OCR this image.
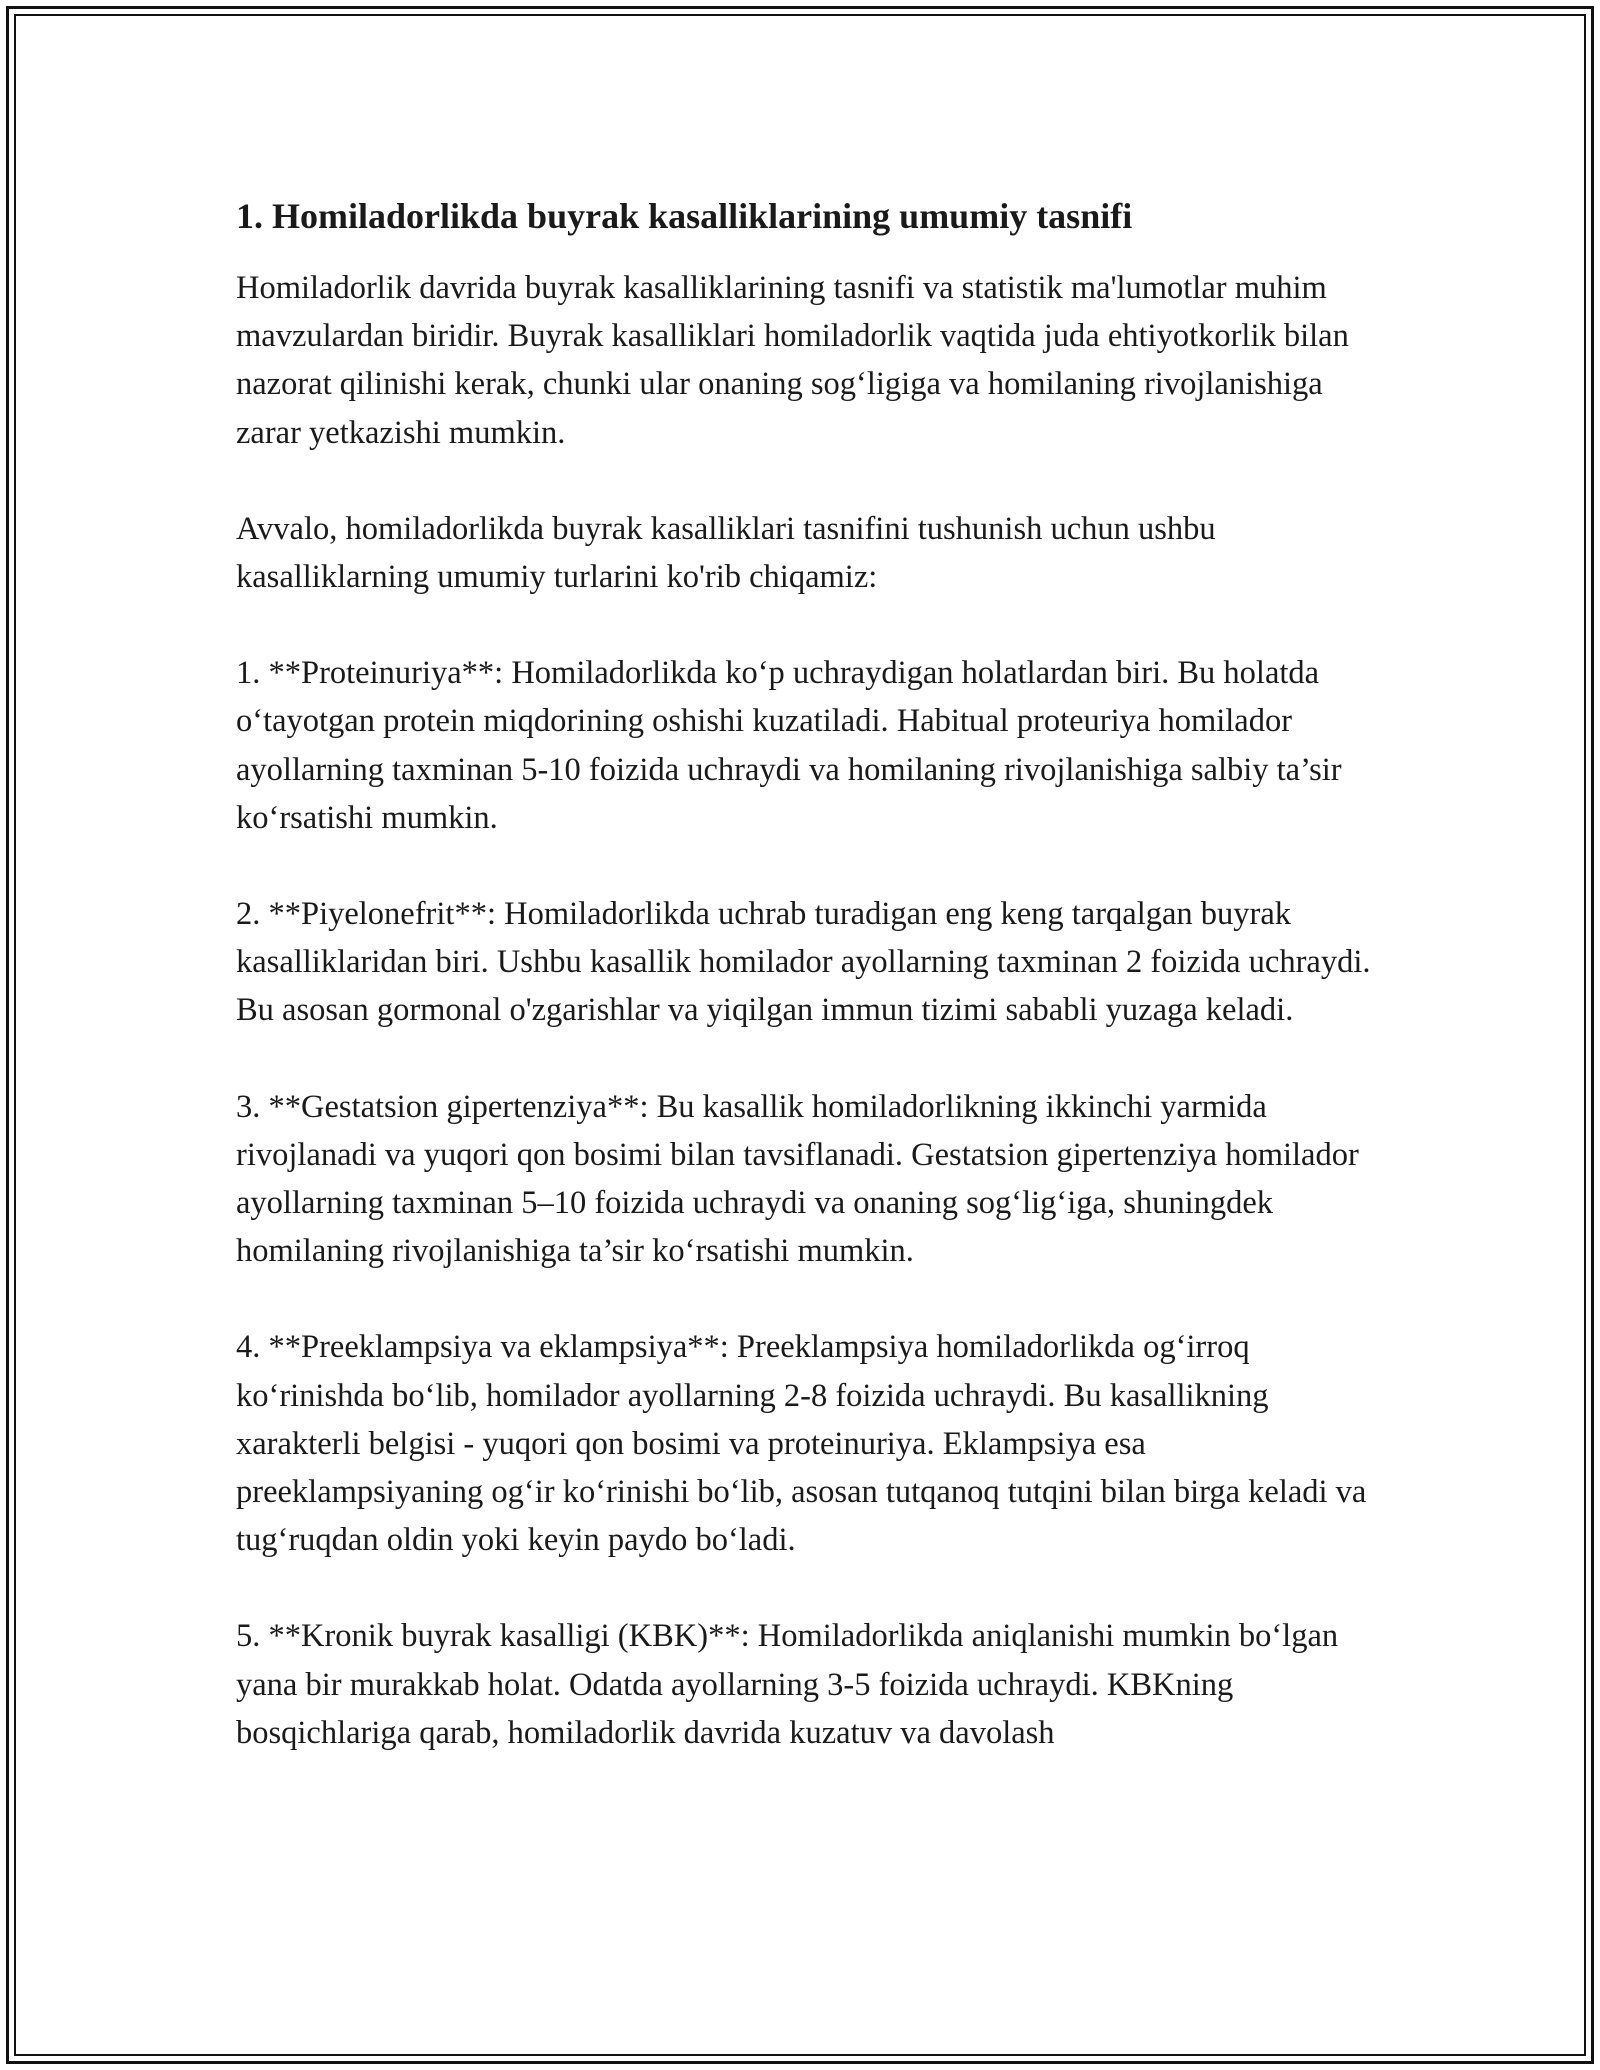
1. Homiladorlikda buyrak kasalliklarining umumiy tasnifi

Homiladorlik davrida buyrak kasalliklarining tasnifi va statistik ma'lumotlar muhim mavzulardan biridir. Buyrak kasalliklari homiladorlik vaqtida juda ehtiyotkorlik bilan nazorat qilinishi kerak, chunki ular onaning sog‘ligiga va homilaning rivojlanishiga zarar yetkazishi mumkin.

Avvalo, homiladorlikda buyrak kasalliklari tasnifini tushunish uchun ushbu kasalliklarning umumiy turlarini ko'rib chiqamiz:

1. **Proteinuriya**: Homiladorlikda ko‘p uchraydigan holatlardan biri. Bu holatda o‘tayotgan protein miqdorining oshishi kuzatiladi. Habitual proteuriya homilador ayollarning taxminan 5-10 foizida uchraydi va homilaning rivojlanishiga salbiy ta’sir ko‘rsatishi mumkin.

2. **Piyelonefrit**: Homiladorlikda uchrab turadigan eng keng tarqalgan buyrak kasalliklaridan biri. Ushbu kasallik homilador ayollarning taxminan 2 foizida uchraydi. Bu asosan gormonal o'zgarishlar va yiqilgan immun tizimi sababli yuzaga keladi.

3. **Gestatsion gipertenziya**: Bu kasallik homiladorlikning ikkinchi yarmida rivojlanadi va yuqori qon bosimi bilan tavsiflanadi. Gestatsion gipertenziya homilador ayollarning taxminan 5–10 foizida uchraydi va onaning sog‘lig‘iga, shuningdek homilaning rivojlanishiga ta’sir ko‘rsatishi mumkin.

4. **Preeklampsiya va eklampsiya**: Preeklampsiya homiladorlikda og‘irroq ko‘rinishda bo‘lib, homilador ayollarning 2-8 foizida uchraydi. Bu kasallikning xarakterli belgisi - yuqori qon bosimi va proteinuriya. Eklampsiya esa preeklampsiyaning og‘ir ko‘rinishi bo‘lib, asosan tutqanoq tutqini bilan birga keladi va tug‘ruqdan oldin yoki keyin paydo bo‘ladi.

5. **Kronik buyrak kasalligi (KBK)**: Homiladorlikda aniqlanishi mumkin bo‘lgan yana bir murakkab holat. Odatda ayollarning 3-5 foizida uchraydi. KBKning bosqichlariga qarab, homiladorlik davrida kuzatuv va davolash
